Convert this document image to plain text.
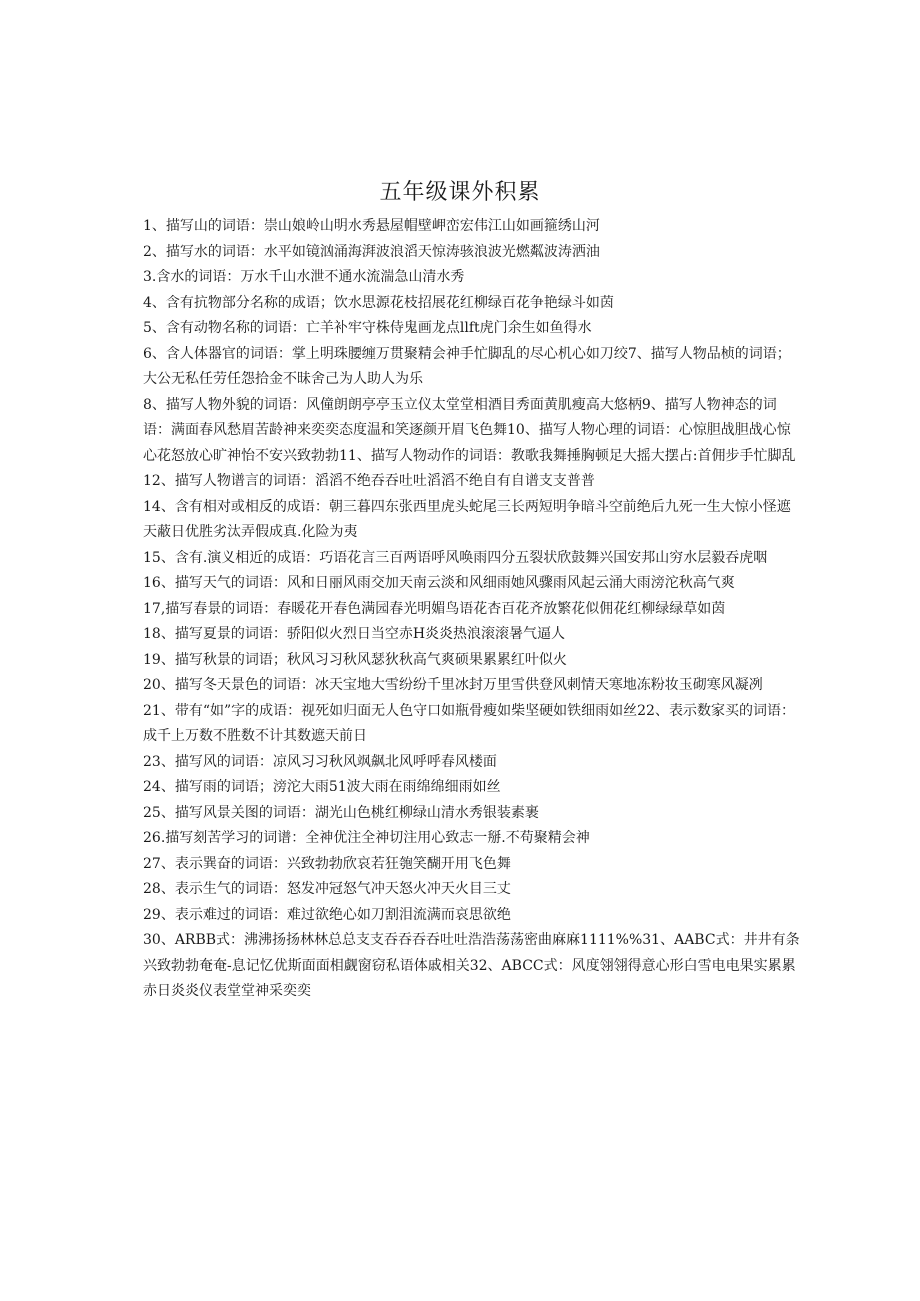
五年级课外积累
1、描写山的词语：崇山娘岭山明水秀悬屋帽壁岬峦宏伟江山如画箍绣山河
2、描写水的词语：水平如镜汹涌海湃波浪滔天惊涛骇浪波光燃粼波涛洒油
3.含水的词语：万水千山水泄不通水流湍急山清水秀
4、含有抗物部分名称的成语；饮水思源花枝招展花红柳绿百花争艳绿斗如茵
5、含有动物名称的词语：亡羊补牢守株侍鬼画龙点llft虎门余生如鱼得水
6、含人体器官的词语：掌上明珠腰缠万贯聚精会神手忙脚乱的尽心机心如刀绞7、描写人物品桢的词语；大公无私任劳任怨拾金不昧舍己为人助人为乐
8、描写人物外貌的词语：风僮朗朗亭亭玉立仪太堂堂相酒目秀面黄肌瘦高大悠柄9、描写人物神态的词语：满面春风愁眉苦龄神来奕奕态度温和笑逐颜开眉飞色舞10、描写人物心理的词语：心惊胆战胆战心惊心花怒放心旷神怡不安兴致勃勃11、描写人物动作的词语：教歌我舞捶胸顿足大摇大摆占:首佣步手忙脚乱12、描写人物谱言的词语：滔滔不绝吞吞吐吐滔滔不绝自有自谱支支普普
14、含有相对或相反的成语：朝三暮四东张西里虎头蛇尾三长两短明争暗斗空前绝后九死一生大惊小怪遮天蔽日优胜劣汰弄假成真.化险为夷
15、含有.演义相近的成语：巧语花言三百两语呼风唤雨四分五裂状欣鼓舞兴国安邦山穷水层毅吞虎咽
16、描写天气的词语：风和日丽风雨交加天南云淡和风细雨她风骤雨风起云涌大雨滂沱秋高气爽
17,描写春景的词语：春暖花开春色满园春光明媚鸟语花杏百花齐放繁花似佣花红柳绿绿草如茵
18、描写夏景的词语：骄阳似火烈日当空赤H炎炎热浪滚滚暑气逼人
19、描写秋景的词语；秋风习习秋风瑟狄秋高气爽硕果累累红叶似火
20、描写冬天景色的词语：冰天宝地大雪纷纷千里冰封万里雪供登风刺情天寒地冻粉妆玉砌寒风凝冽
21、带有“如”字的成语：视死如归面无人色守口如瓶骨瘦如柴坚硬如铁细雨如丝22、表示数家买的词语：成千上万数不胜数不计其数遮天前日
23、描写风的词语：凉风习习秋风飒飙北风呼呼春风楼面
24、描写雨的词语；滂沱大雨51波大雨在雨绵绵细雨如丝
25、描写风景关图的词语：湖光山色桃红柳绿山清水秀银装素裹
26.描写刻苦学习的词谱：全神优注全神切注用心致志一掰.不苟聚精会神
27、表示巽奋的词语：兴致勃勃欣哀若狂匏笑醐开用飞色舞
28、表示生气的词语：怒发冲冠怒气冲天怒火冲天火目三丈
29、表示难过的词语：难过欲绝心如刀割泪流满而哀思欲绝
30、ARBB式：沸沸扬扬林林总总支支吞吞吞吞吐吐浩浩荡荡密曲麻麻1111%%31、AABC式：井井有条兴致勃勃奄奄-息记忆优斯面面相觑窗窃私语体戚相关32、ABCC式：风度翎翎得意心形白雪电电果实累累赤日炎炎仪表堂堂神采奕奕
